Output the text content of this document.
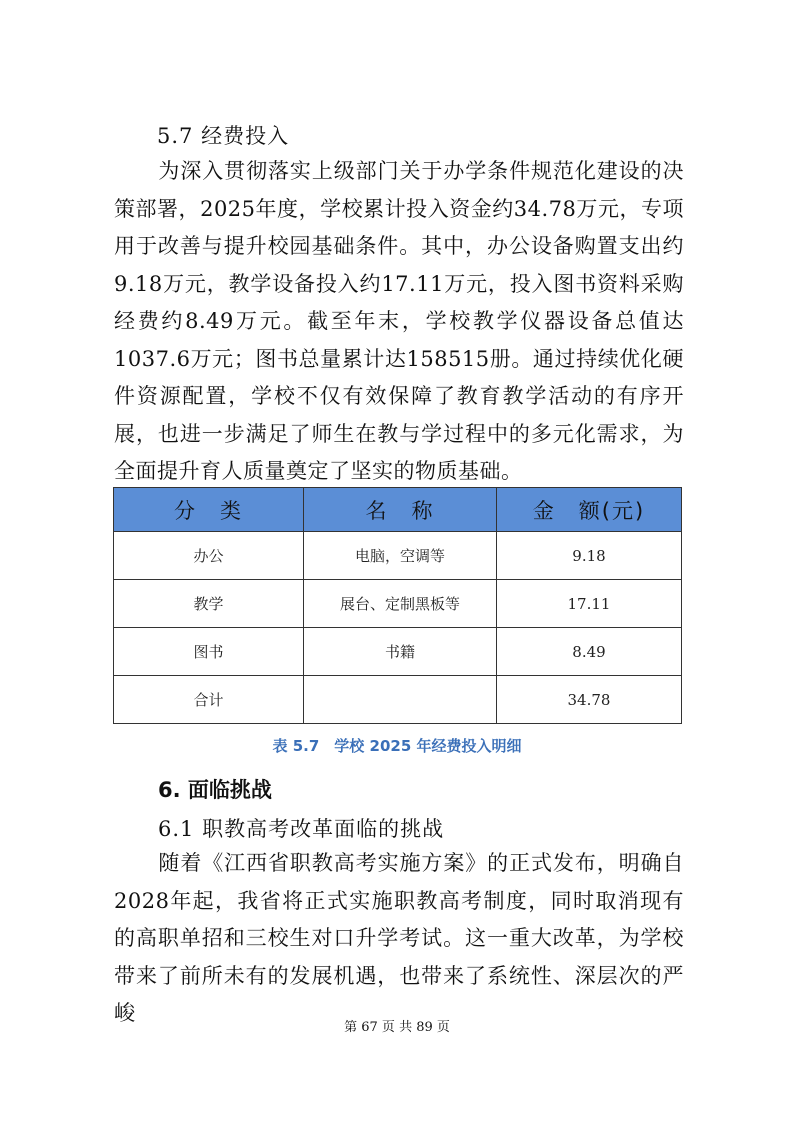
5.7 经费投入

为深入贯彻落实上级部门关于办学条件规范化建设的决策部署，2025年度，学校累计投入资金约34.78万元，专项用于改善与提升校园基础条件。其中，办公设备购置支出约9.18万元，教学设备投入约17.11万元，投入图书资料采购经费约8.49万元。截至年末，学校教学仪器设备总值达1037.6万元；图书总量累计达158515册。通过持续优化硬件资源配置，学校不仅有效保障了教育教学活动的有序开展，也进一步满足了师生在教与学过程中的多元化需求，为全面提升育人质量奠定了坚实的物质基础。

分　类	名　称	金　额(元)
办公	电脑，空调等	9.18
教学	展台、定制黑板等	17.11
图书	书籍	8.49
合计		34.78
表 5.7　学校 2025 年经费投入明细
6. 面临挑战
6.1 职教高考改革面临的挑战

随着《江西省职教高考实施方案》的正式发布，明确自2028年起，我省将正式实施职教高考制度，同时取消现有的高职单招和三校生对口升学考试。这一重大改革，为学校带来了前所未有的发展机遇，也带来了系统性、深层次的严峻

第 67 页 共 89 页
